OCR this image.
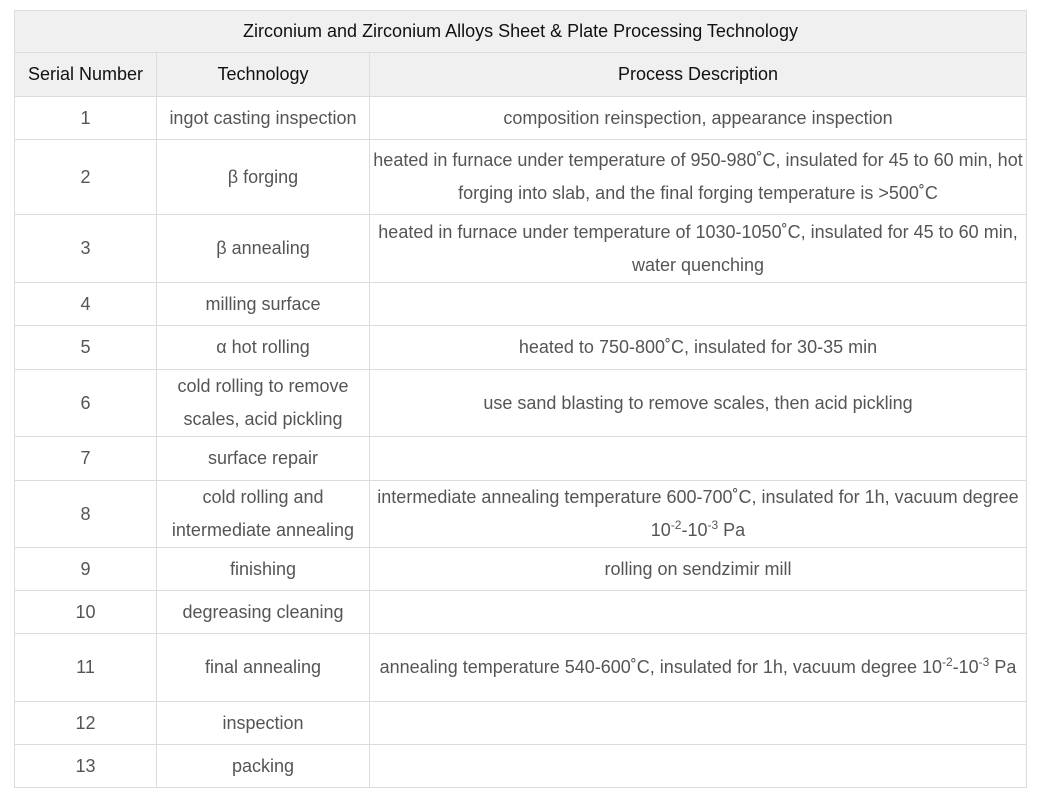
Zirconium and Zirconium Alloys Sheet & Plate Processing Technology		
Serial Number	Technology	Process Description
1	ingot casting inspection	composition reinspection, appearance inspection
2	β forging	heated in furnace under temperature of 950-980˚C, insulated for 45 to 60 min, hot forging into slab, and the final forging temperature is >500˚C
3	β annealing	heated in furnace under temperature of 1030-1050˚C, insulated for 45 to 60 min, water quenching
4	milling surface	
5	α hot rolling	heated to 750-800˚C, insulated for 30-35 min
6	cold rolling to remove scales, acid pickling	use sand blasting to remove scales, then acid pickling
7	surface repair	
8	cold rolling and intermediate annealing	intermediate annealing temperature 600-700˚C, insulated for 1h, vacuum degree $10^{-2}-10^{-3}$ Pa
9	finishing	rolling on sendzimir mill
10	degreasing cleaning	
11	final annealing	annealing temperature 540-600˚C, insulated for 1h, vacuum degree $10^{-2}-10^{-3}$ Pa
12	inspection	
13	packing	
